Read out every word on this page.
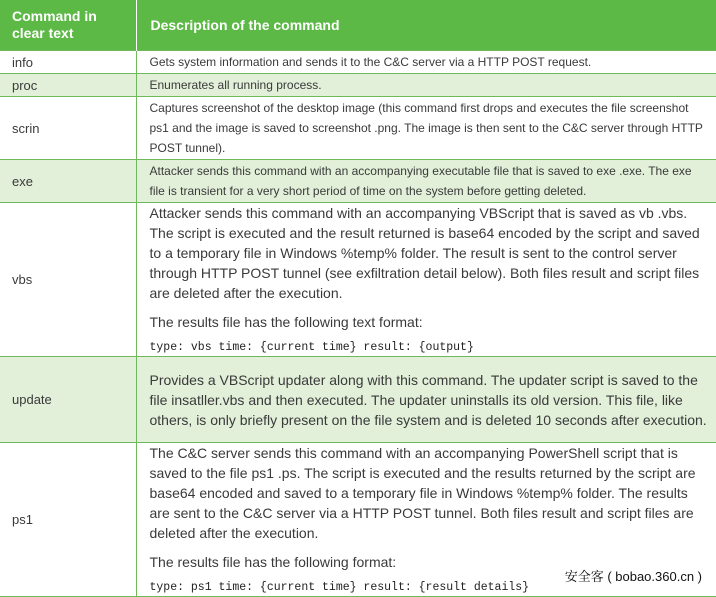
Command in clear text	Description of the command
info	Gets system information and sends it to the C&C server via a HTTP POST request.
proc	Enumerates all running process.
scrin	Captures screenshot of the desktop image (this command first drops and executes the file screenshot ps1 and the image is saved to screenshot .png. The image is then sent to the C&C server through HTTP POST tunnel).
exe	Attacker sends this command with an accompanying executable file that is saved to exe .exe. The exe file is transient for a very short period of time on the system before getting deleted.
vbs	Attacker sends this command with an accompanying VBScript that is saved as vb .vbs. The script is executed and the result returned is base64 encoded by the script and saved to a temporary file in Windows %temp% folder. The result is sent to the control server through HTTP POST tunnel (see exfiltration detail below). Both files result and script files are deleted after the execution.

The results file has the following text format:

type: vbs time: {current time} result: {output}

update	Provides a VBScript updater along with this command. The updater script is saved to the file insatller.vbs and then executed. The updater uninstalls its old version. This file, like others, is only briefly present on the file system and is deleted 10 seconds after execution.
ps1	The C&C server sends this command with an accompanying PowerShell script that is saved to the file ps1 .ps. The script is executed and the results returned by the script are base64 encoded and saved to a temporary file in Windows %temp% folder. The results are sent to the C&C server via a HTTP POST tunnel. Both files result and script files are deleted after the execution.

The results file has the following format:

type: ps1 time: {current time} result: {result details}

安全客 ( bobao.360.cn )
